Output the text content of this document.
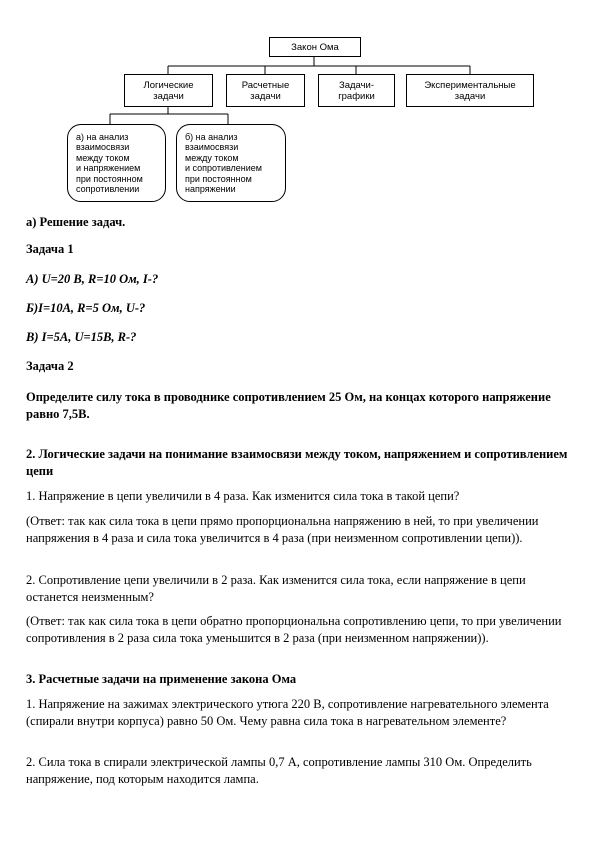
Закон Ома
Логические
задачи
Расчетные
задачи
Задачи-
графики
Экспериментальные
задачи
а) на анализ
взаимосвязи
между током
и напряжением
при постоянном
сопротивлении
б) на анализ
взаимосвязи
между током
и сопротивлением
при постоянном
напряжении
а) Решение задач.
Задача 1
А) U=20 В, R=10 Ом, I-?
Б)I=10А, R=5 Ом, U-?
В) I=5А, U=15В, R-?
Задача 2
Определите силу тока в проводнике сопротивлением 25 Ом, на концах которого напряжение равно 7,5В.
2. Логические задачи на понимание взаимосвязи между током, напряжением и сопротивлением цепи
1. Напряжение в цепи увеличили в 4 раза. Как изменится сила тока в такой цепи?
(Ответ: так как сила тока в цепи прямо пропорциональна напряжению в ней, то при увеличении напряжения в 4 раза и сила тока увеличится в 4 раза (при неизменном сопротивлении цепи)).
2. Сопротивление цепи увеличили в 2 раза. Как изменится сила тока, если напряжение в цепи останется неизменным?
(Ответ: так как сила тока в цепи обратно пропорциональна сопротивлению цепи, то при увеличении сопротивления в 2 раза сила тока уменьшится в 2 раза (при неизменном напряжении)).
3. Расчетные задачи на применение закона Ома
1. Напряжение на зажимах электрического утюга 220 В, сопротивление нагревательного элемента (спирали внутри корпуса) равно 50 Ом. Чему равна сила тока в нагревательном элементе?
2. Сила тока в спирали электрической лампы 0,7 А, сопротивление лампы 310 Ом. Определить напряжение, под которым находится лампа.
